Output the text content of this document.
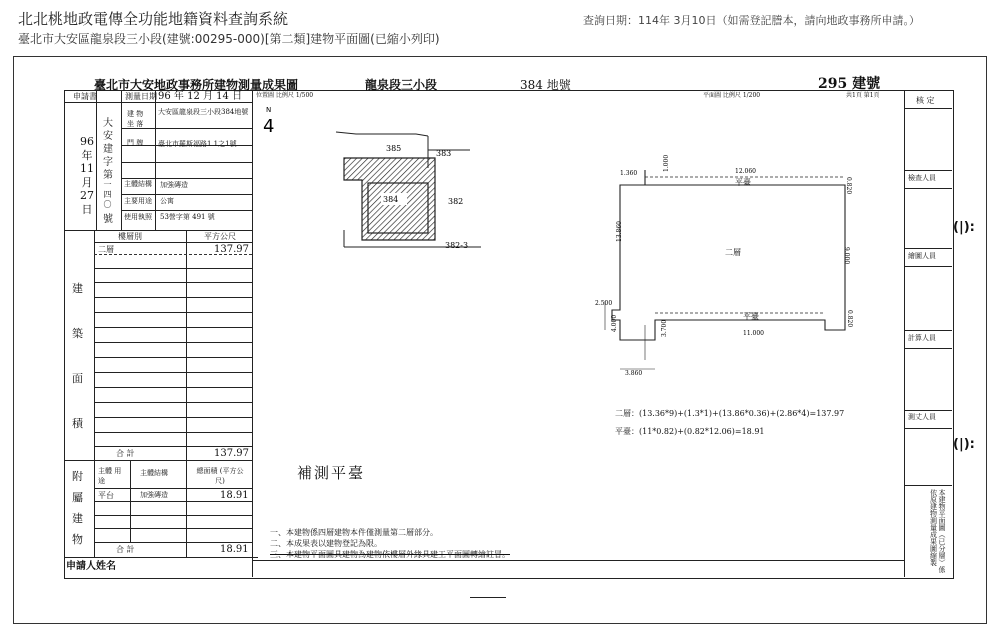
北北桃地政電傳全功能地籍資料查詢系統
臺北市大安區龍泉段三小段(建號:00295-000)[第二類]建物平面圖(已縮小列印)
查詢日期：114年 3月10日（如需登記謄本，請向地政事務所申請。）
臺北市大安地政事務所建物測量成果圖	龍泉段三小段	384 地號	295 建號
申請書	測量日期 96 年 12 月 14 日
大
安
建
字
第
96
年
11
月
27
日	一四〇
號
建 物
坐 落
大安區龍泉段三小段384地號
門 牌 臺北市羅斯福路1 1之1號
主體結構 加強磚造
主要用途 公寓
使用執照 53營字第 491 號
樓層別	平方公尺
二層	137.97
建
築
面
積
合 計	137.97
附
屬
建
物
主體 用途
主體結構	總面積 (平方公尺)
平台	加強磚造	18.91
合 計	18.91
申請人姓名
核 定
檢查人員
繪圖人員
計算人員
測丈人員
本建物平面圖（已分層）係依原建物測量成果圖縮製
(|):
(|):
位置圖 比例尺 1/500
N
4
384
385
383
382
382-3
平面圖 比例尺 1/200	共1頁 第1頁
1.360	12.060
1.000
0.820
平臺
13.860
9.000
二層
2.500
平臺	0.820
11.000
4.000	3.700
3.860
二層：(13.36*9)+(1.3*1)+(13.86*0.36)+(2.86*4)=137.97
平臺：(11*0.82)+(0.82*12.06)=18.91
補測平臺
一、本建物係四層建物本件僅測量第二層部分。
二、本成果表以建物登記為限。
三、本建物平面圖具建物為建物依樓層外緣具建工平面圖轉繪註冒。
